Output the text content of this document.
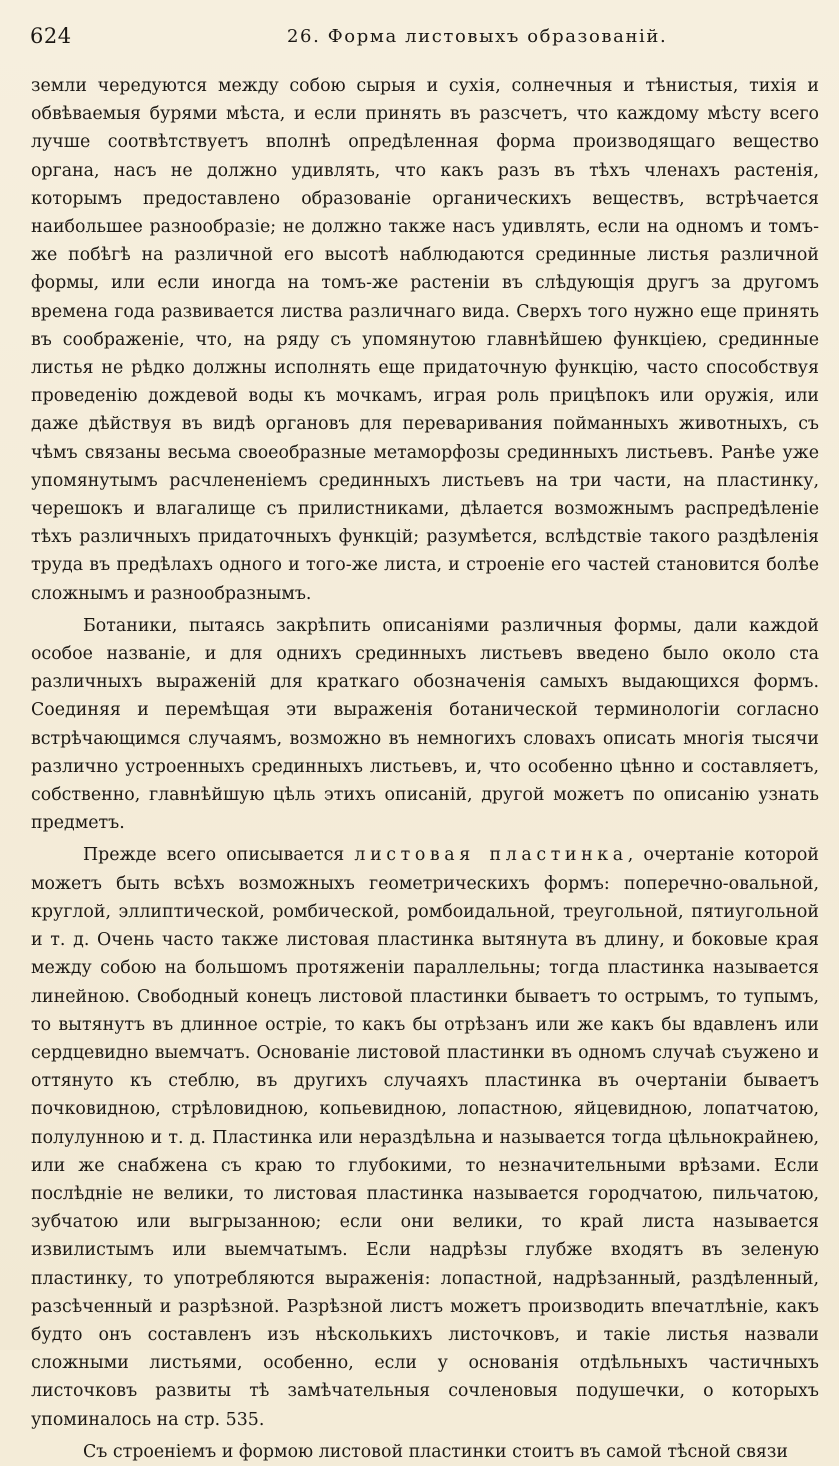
624	26. Форма листовыхъ образованій.

земли чередуются между собою сырыя и сухія, солнечныя и тѣнистыя, тихія и обвѣваемыя бурями мѣста, и если принять въ разсчетъ, что каждому мѣсту всего лучше соотвѣтствуетъ вполнѣ опредѣленная форма производящаго вещество органа, насъ не должно удивлять, что какъ разъ въ тѣхъ членахъ растенія, которымъ предоставлено образованіе органическихъ веществъ, встрѣчается наибольшее разнообразіе; не должно также насъ удивлять, если на одномъ и томъ-же побѣгѣ на различной его высотѣ наблюдаются срединные листья различной формы, или если иногда на томъ-же растеніи въ слѣдующія другъ за другомъ времена года развивается листва различнаго вида. Сверхъ того нужно еще принять въ соображеніе, что, на ряду съ упомянутою главнѣйшею функціею, срединные листья не рѣдко должны исполнять еще придаточную функцію, часто способствуя проведенію дождевой воды къ мочкамъ, играя роль прицѣпокъ или оружія, или даже дѣйствуя въ видѣ органовъ для переваривания пойманныхъ животныхъ, съ чѣмъ связаны весьма своеобразные метаморфозы срединныхъ листьевъ. Ранѣе уже упомянутымъ расчлененіемъ срединныхъ листьевъ на три части, на пластинку, черешокъ и влагалище съ прилистниками, дѣлается возможнымъ распредѣленіе тѣхъ различныхъ придаточныхъ функцій; разумѣется, вслѣдствіе такого раздѣленія труда въ предѣлахъ одного и того-же листа, и строеніе его частей становится болѣе сложнымъ и разнообразнымъ.

Ботаники, пытаясь закрѣпить описаніями различныя формы, дали каждой особое названіе, и для однихъ срединныхъ листьевъ введено было около ста различныхъ выраженій для краткаго обозначенія самыхъ выдающихся формъ. Соединяя и перемѣщая эти выраженія ботанической терминологіи согласно встрѣчающимся случаямъ, возможно въ немногихъ словахъ описать многія тысячи различно устроенныхъ срединныхъ листьевъ, и, что особенно цѣнно и составляетъ, собственно, главнѣйшую цѣль этихъ описаній, другой можетъ по описанію узнать предметъ.

Прежде всего описывается листовая пластинка, очертаніе которой можетъ быть всѣхъ возможныхъ геометрическихъ формъ: поперечно-овальной, круглой, эллиптической, ромбической, ромбоидальной, треугольной, пятиугольной и т. д. Очень часто также листовая пластинка вытянута въ длину, и боковые края между собою на большомъ протяженіи параллельны; тогда пластинка называется линейною. Свободный конецъ листовой пластинки бываетъ то острымъ, то тупымъ, то вытянутъ въ длинное остріе, то какъ бы отрѣзанъ или же какъ бы вдавленъ или сердцевидно выемчатъ. Основаніе листовой пластинки въ одномъ случаѣ съужено и оттянуто къ стеблю, въ другихъ случаяхъ пластинка въ очертаніи бываетъ почковидною, стрѣловидною, копьевидною, лопастною, яйцевидною, лопатчатою, полулунною и т. д. Пластинка или нераздѣльна и называется тогда цѣльнокрайнею, или же снабжена съ краю то глубокими, то незначительными врѣзами. Если послѣдніе не велики, то листовая пластинка называется городчатою, пильчатою, зубчатою или выгрызанною; если они велики, то край листа называется извилистымъ или выемчатымъ. Если надрѣзы глубже входятъ въ зеленую пластинку, то употребляются выраженія: лопастной, надрѣзанный, раздѣленный, разсѣченный и разрѣзной. Разрѣзной листъ можетъ производить впечатлѣніе, какъ будто онъ составленъ изъ нѣсколькихъ листочковъ, и такіе листья назвали сложными листьями, особенно, если у основанія отдѣльныхъ частичныхъ листочковъ развиты тѣ замѣчательныя сочленовыя подушечки, о которыхъ упоминалось на стр. 535.

Съ строеніемъ и формою листовой пластинки стоитъ въ самой тѣсной связи
